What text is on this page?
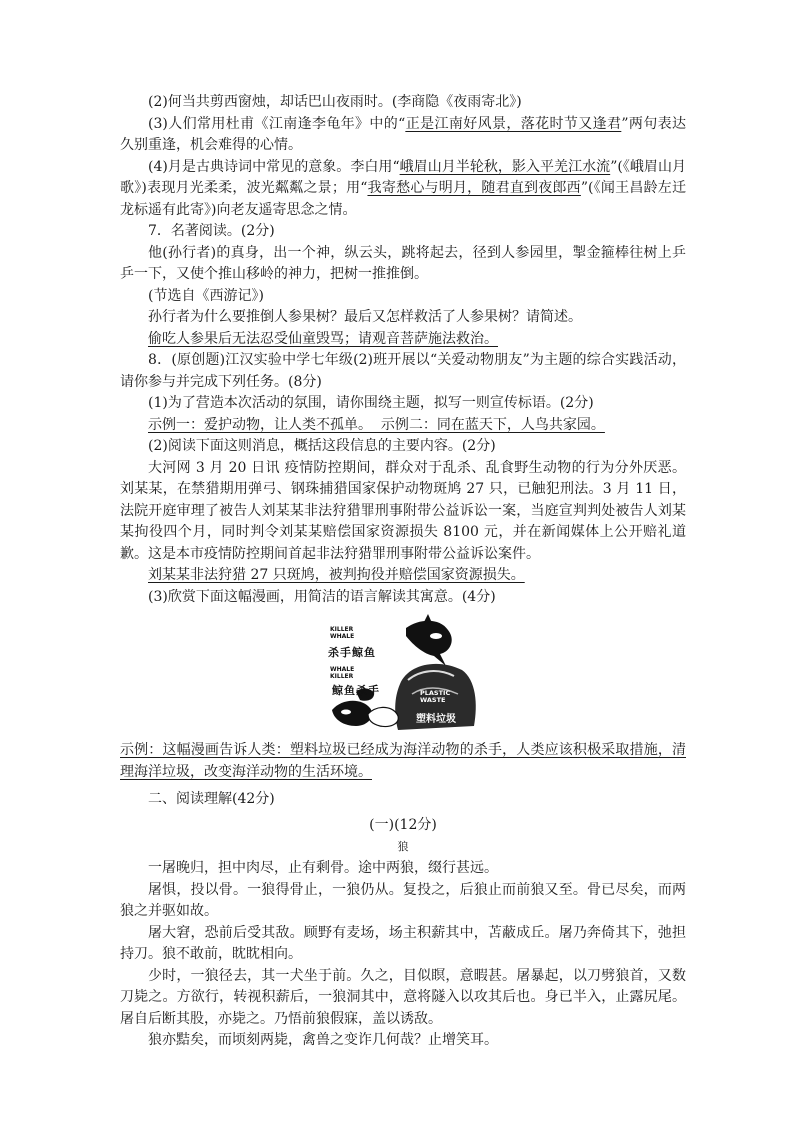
(2)何当共剪西窗烛，却话巴山夜雨时。(李商隐《夜雨寄北》)

(3)人们常用杜甫《江南逢李龟年》中的“正是江南好风景，落花时节又逢君”两句表达久别重逢，机会难得的心情。

(4)月是古典诗词中常见的意象。李白用“峨眉山月半轮秋，影入平羌江水流”(《峨眉山月歌》)表现月光柔柔，波光粼粼之景；用“我寄愁心与明月，随君直到夜郎西”(《闻王昌龄左迁龙标遥有此寄》)向老友遥寄思念之情。

7．名著阅读。(2分)

他(孙行者)的真身，出一个神，纵云头，跳将起去，径到人参园里，掣金箍棒往树上乒乒一下，又使个推山移岭的神力，把树一推推倒。

(节选自《西游记》)

孙行者为什么要推倒人参果树？最后又怎样救活了人参果树？请简述。

偷吃人参果后无法忍受仙童毁骂；请观音菩萨施法救治。

8．(原创题)江汉实验中学七年级(2)班开展以“关爱动物朋友”为主题的综合实践活动，请你参与并完成下列任务。(8分)

(1)为了营造本次活动的氛围，请你围绕主题，拟写一则宣传标语。(2分)

示例一：爱护动物，让人类不孤单。  示例二：同在蓝天下，人鸟共家园。

(2)阅读下面这则消息，概括这段信息的主要内容。(2分)

大河网 3 月 20 日讯 疫情防控期间，群众对于乱杀、乱食野生动物的行为分外厌恶。刘某某，在禁猎期用弹弓、钢珠捕猎国家保护动物斑鸠 27 只，已触犯刑法。3 月 11 日，法院开庭审理了被告人刘某某非法狩猎罪刑事附带公益诉讼一案，当庭宣判判处被告人刘某某拘役四个月，同时判令刘某某赔偿国家资源损失 8100 元，并在新闻媒体上公开赔礼道歉。这是本市疫情防控期间首起非法狩猎罪刑事附带公益诉讼案件。

刘某某非法狩猎 27 只斑鸠，被判拘役并赔偿国家资源损失。

(3)欣赏下面这幅漫画，用简洁的语言解读其寓意。(4分)

KILLER WHALE
杀手鲸鱼
WHALE KILLER
鲸鱼杀手	PLASTIC WASTE
塑料垃圾

示例：这幅漫画告诉人类：塑料垃圾已经成为海洋动物的杀手，人类应该积极采取措施，清理海洋垃圾，改变海洋动物的生活环境。

二、阅读理解(42分)

(一)(12分)

狼

一屠晚归，担中肉尽，止有剩骨。途中两狼，缀行甚远。

屠惧，投以骨。一狼得骨止，一狼仍从。复投之，后狼止而前狼又至。骨已尽矣，而两狼之并驱如故。

屠大窘，恐前后受其敌。顾野有麦场，场主积薪其中，苫蔽成丘。屠乃奔倚其下，弛担持刀。狼不敢前，眈眈相向。

少时，一狼径去，其一犬坐于前。久之，目似瞑，意暇甚。屠暴起，以刀劈狼首，又数刀毙之。方欲行，转视积薪后，一狼洞其中，意将隧入以攻其后也。身已半入，止露尻尾。屠自后断其股，亦毙之。乃悟前狼假寐，盖以诱敌。

狼亦黠矣，而顷刻两毙，禽兽之变诈几何哉？止增笑耳。
